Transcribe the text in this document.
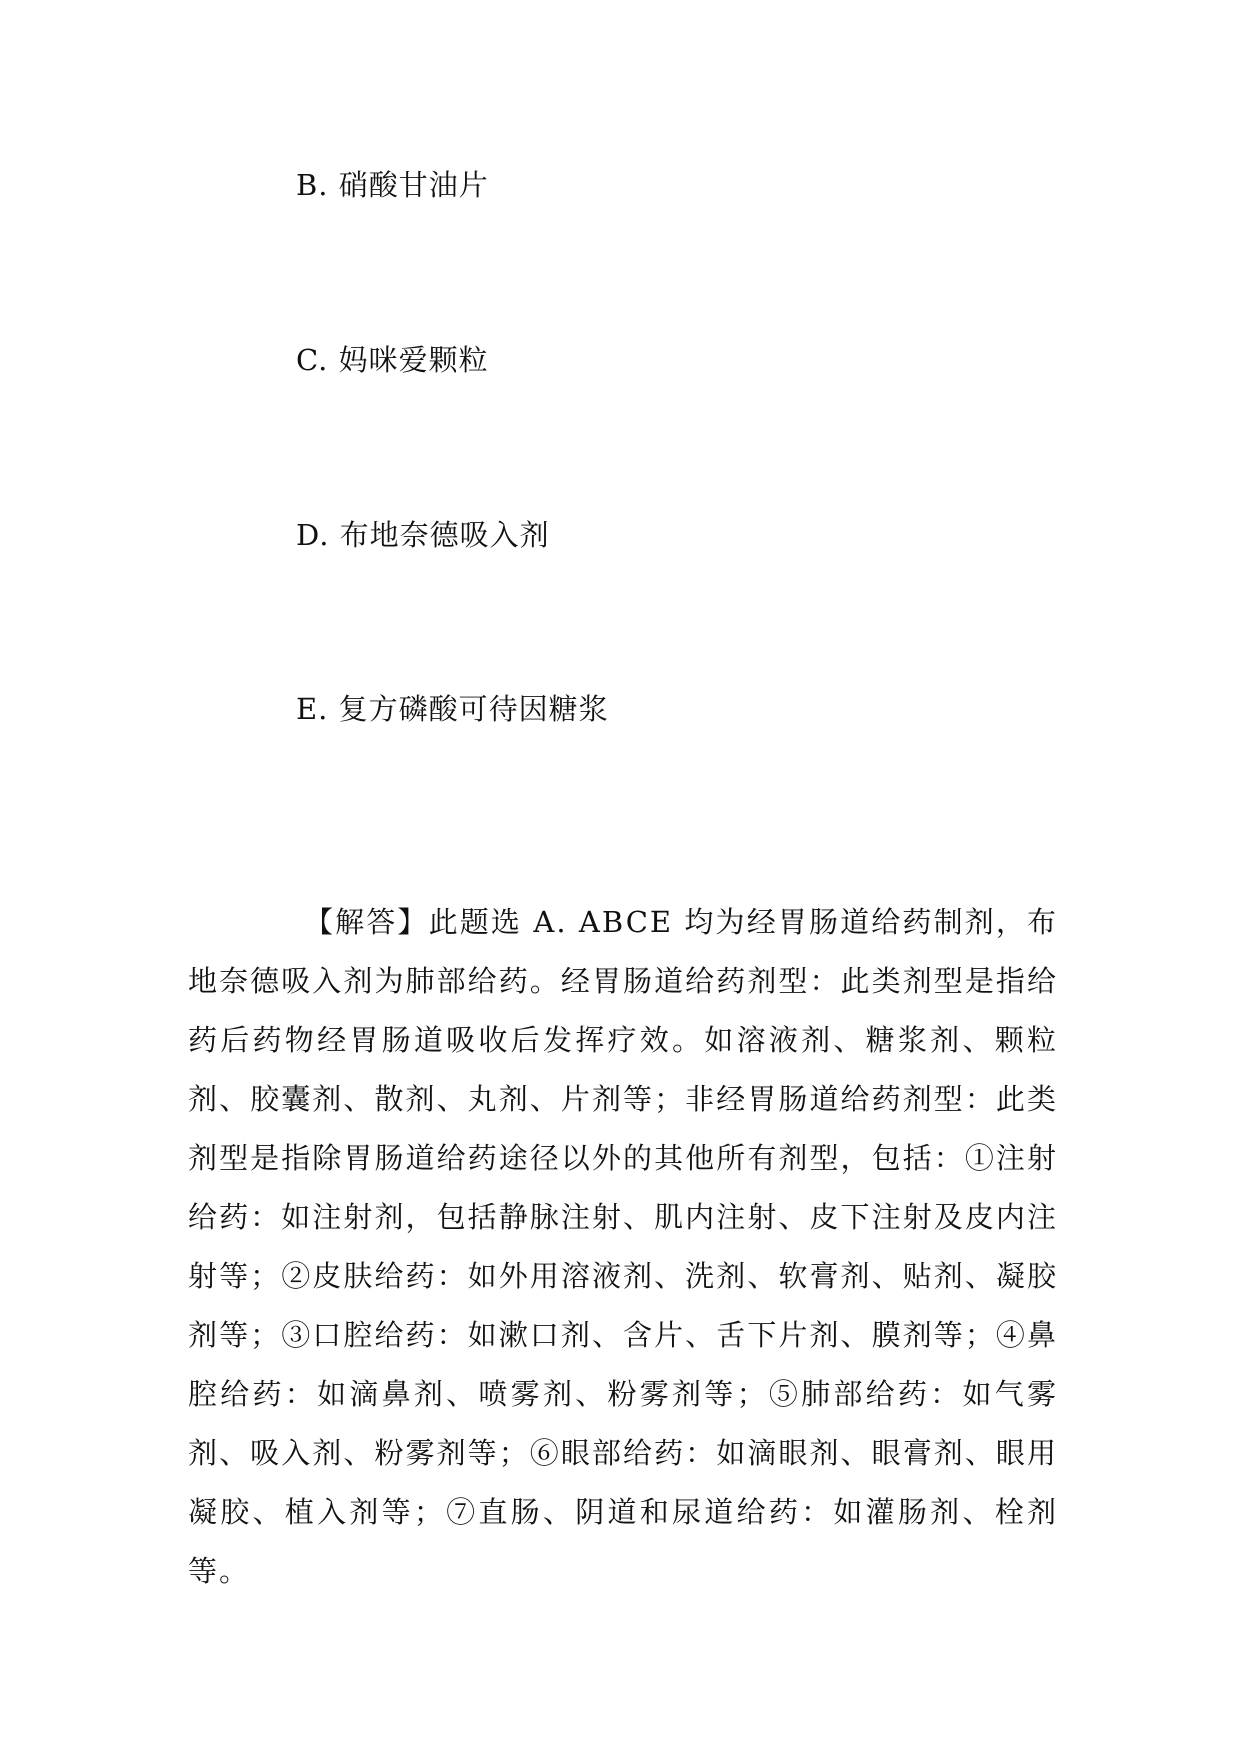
B. 硝酸甘油片
C. 妈咪爱颗粒
D. 布地奈德吸入剂
E. 复方磷酸可待因糖浆

【解答】此题选 A. ABCE 均为经胃肠道给药制剂，布地奈德吸入剂为肺部给药。经胃肠道给药剂型：此类剂型是指给药后药物经胃肠道吸收后发挥疗效。如溶液剂、糖浆剂、颗粒剂、胶囊剂、散剂、丸剂、片剂等；非经胃肠道给药剂型：此类剂型是指除胃肠道给药途径以外的其他所有剂型，包括：①注射给药：如注射剂，包括静脉注射、肌内注射、皮下注射及皮内注射等；②皮肤给药：如外用溶液剂、洗剂、软膏剂、贴剂、凝胶剂等；③口腔给药：如漱口剂、含片、舌下片剂、膜剂等；④鼻腔给药：如滴鼻剂、喷雾剂、粉雾剂等；⑤肺部给药：如气雾剂、吸入剂、粉雾剂等；⑥眼部给药：如滴眼剂、眼膏剂、眼用凝胶、植入剂等；⑦直肠、阴道和尿道给药：如灌肠剂、栓剂等。
